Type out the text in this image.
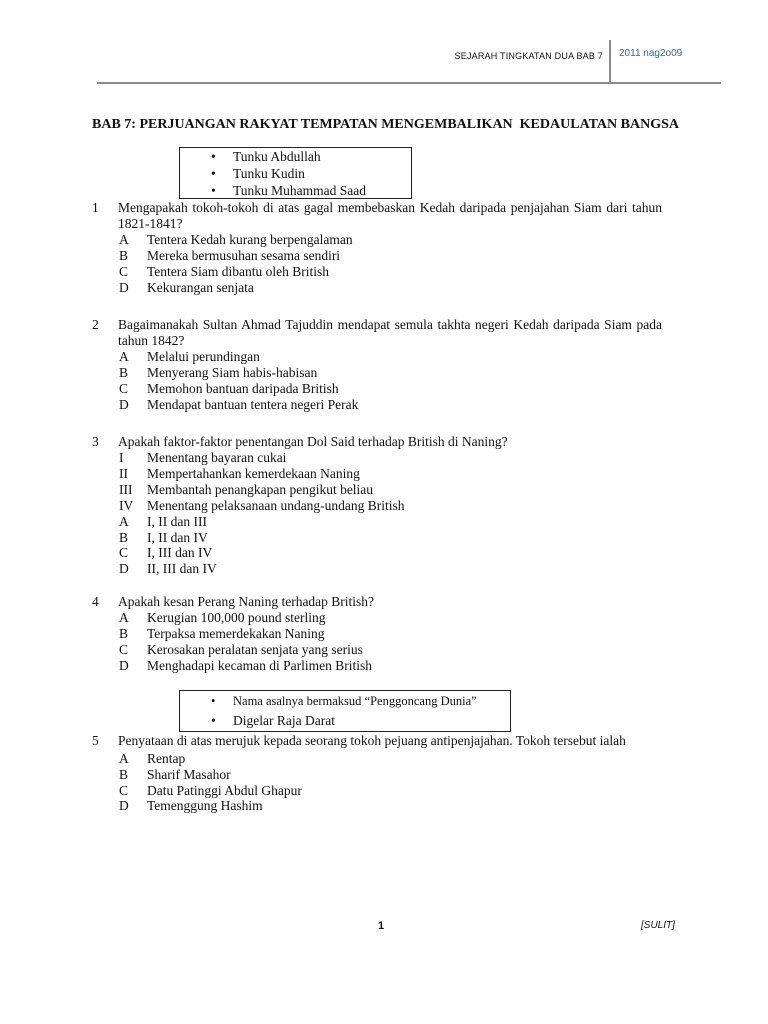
SEJARAH TINGKATAN DUA BAB 7 2011 nag2o09
BAB 7: PERJUANGAN RAKYAT TEMPATAN MENGEMBALIKAN  KEDAULATAN BANGSA
• Tunku Abdullah
• Tunku Kudin
• Tunku Muhammad Saad
1 Mengapakah tokoh-tokoh di atas gagal membebaskan Kedah daripada penjajahan Siam dari tahun 1821-1841?
A Tentera Kedah kurang berpengalaman
B Mereka bermusuhan sesama sendiri
C Tentera Siam dibantu oleh British
D Kekurangan senjata
2 Bagaimanakah Sultan Ahmad Tajuddin mendapat semula takhta negeri Kedah daripada Siam pada tahun 1842?
A Melalui perundingan
B Menyerang Siam habis-habisan
C Memohon bantuan daripada British
D Mendapat bantuan tentera negeri Perak
3 Apakah faktor-faktor penentangan Dol Said terhadap British di Naning?
I Menentang bayaran cukai
II Mempertahankan kemerdekaan Naning
III Membantah penangkapan pengikut beliau
IV Menentang pelaksanaan undang-undang British
A I, II dan III
B I, II dan IV
C I, III dan IV
D II, III dan IV
4 Apakah kesan Perang Naning terhadap British?
A Kerugian 100,000 pound sterling
B Terpaksa memerdekakan Naning
C Kerosakan peralatan senjata yang serius
D Menghadapi kecaman di Parlimen British
• Nama asalnya bermaksud “Penggoncang Dunia”
• Digelar Raja Darat
5 Penyataan di atas merujuk kepada seorang tokoh pejuang antipenjajahan. Tokoh tersebut ialah
A Rentap
B Sharif Masahor
C Datu Patinggi Abdul Ghapur
D Temenggung Hashim
1	[SULIT]
